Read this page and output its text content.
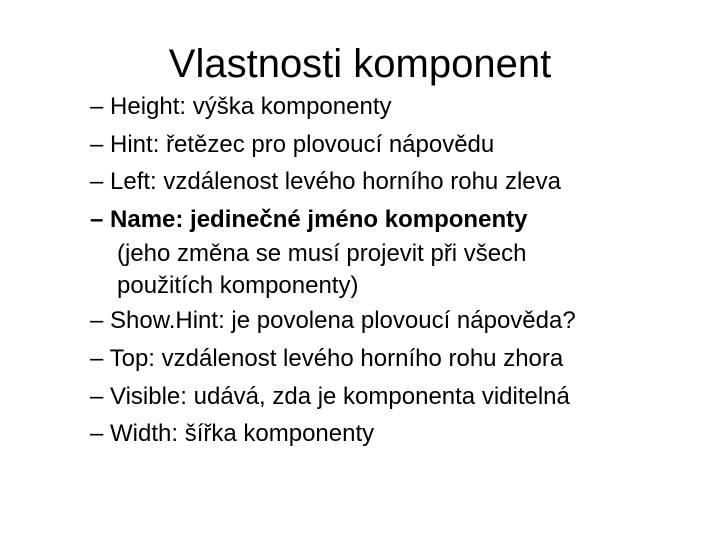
Vlastnosti komponent
– Height: výška komponenty
– Hint: řetězec pro plovoucí nápovědu
– Left: vzdálenost levého horního rohu zleva
– Name: jedinečné jméno komponenty
(jeho změna se musí projevit při všech
použitích komponenty)
– Show.Hint: je povolena plovoucí nápověda?
– Top: vzdálenost levého horního rohu zhora
– Visible: udává, zda je komponenta viditelná
– Width: šířka komponenty
